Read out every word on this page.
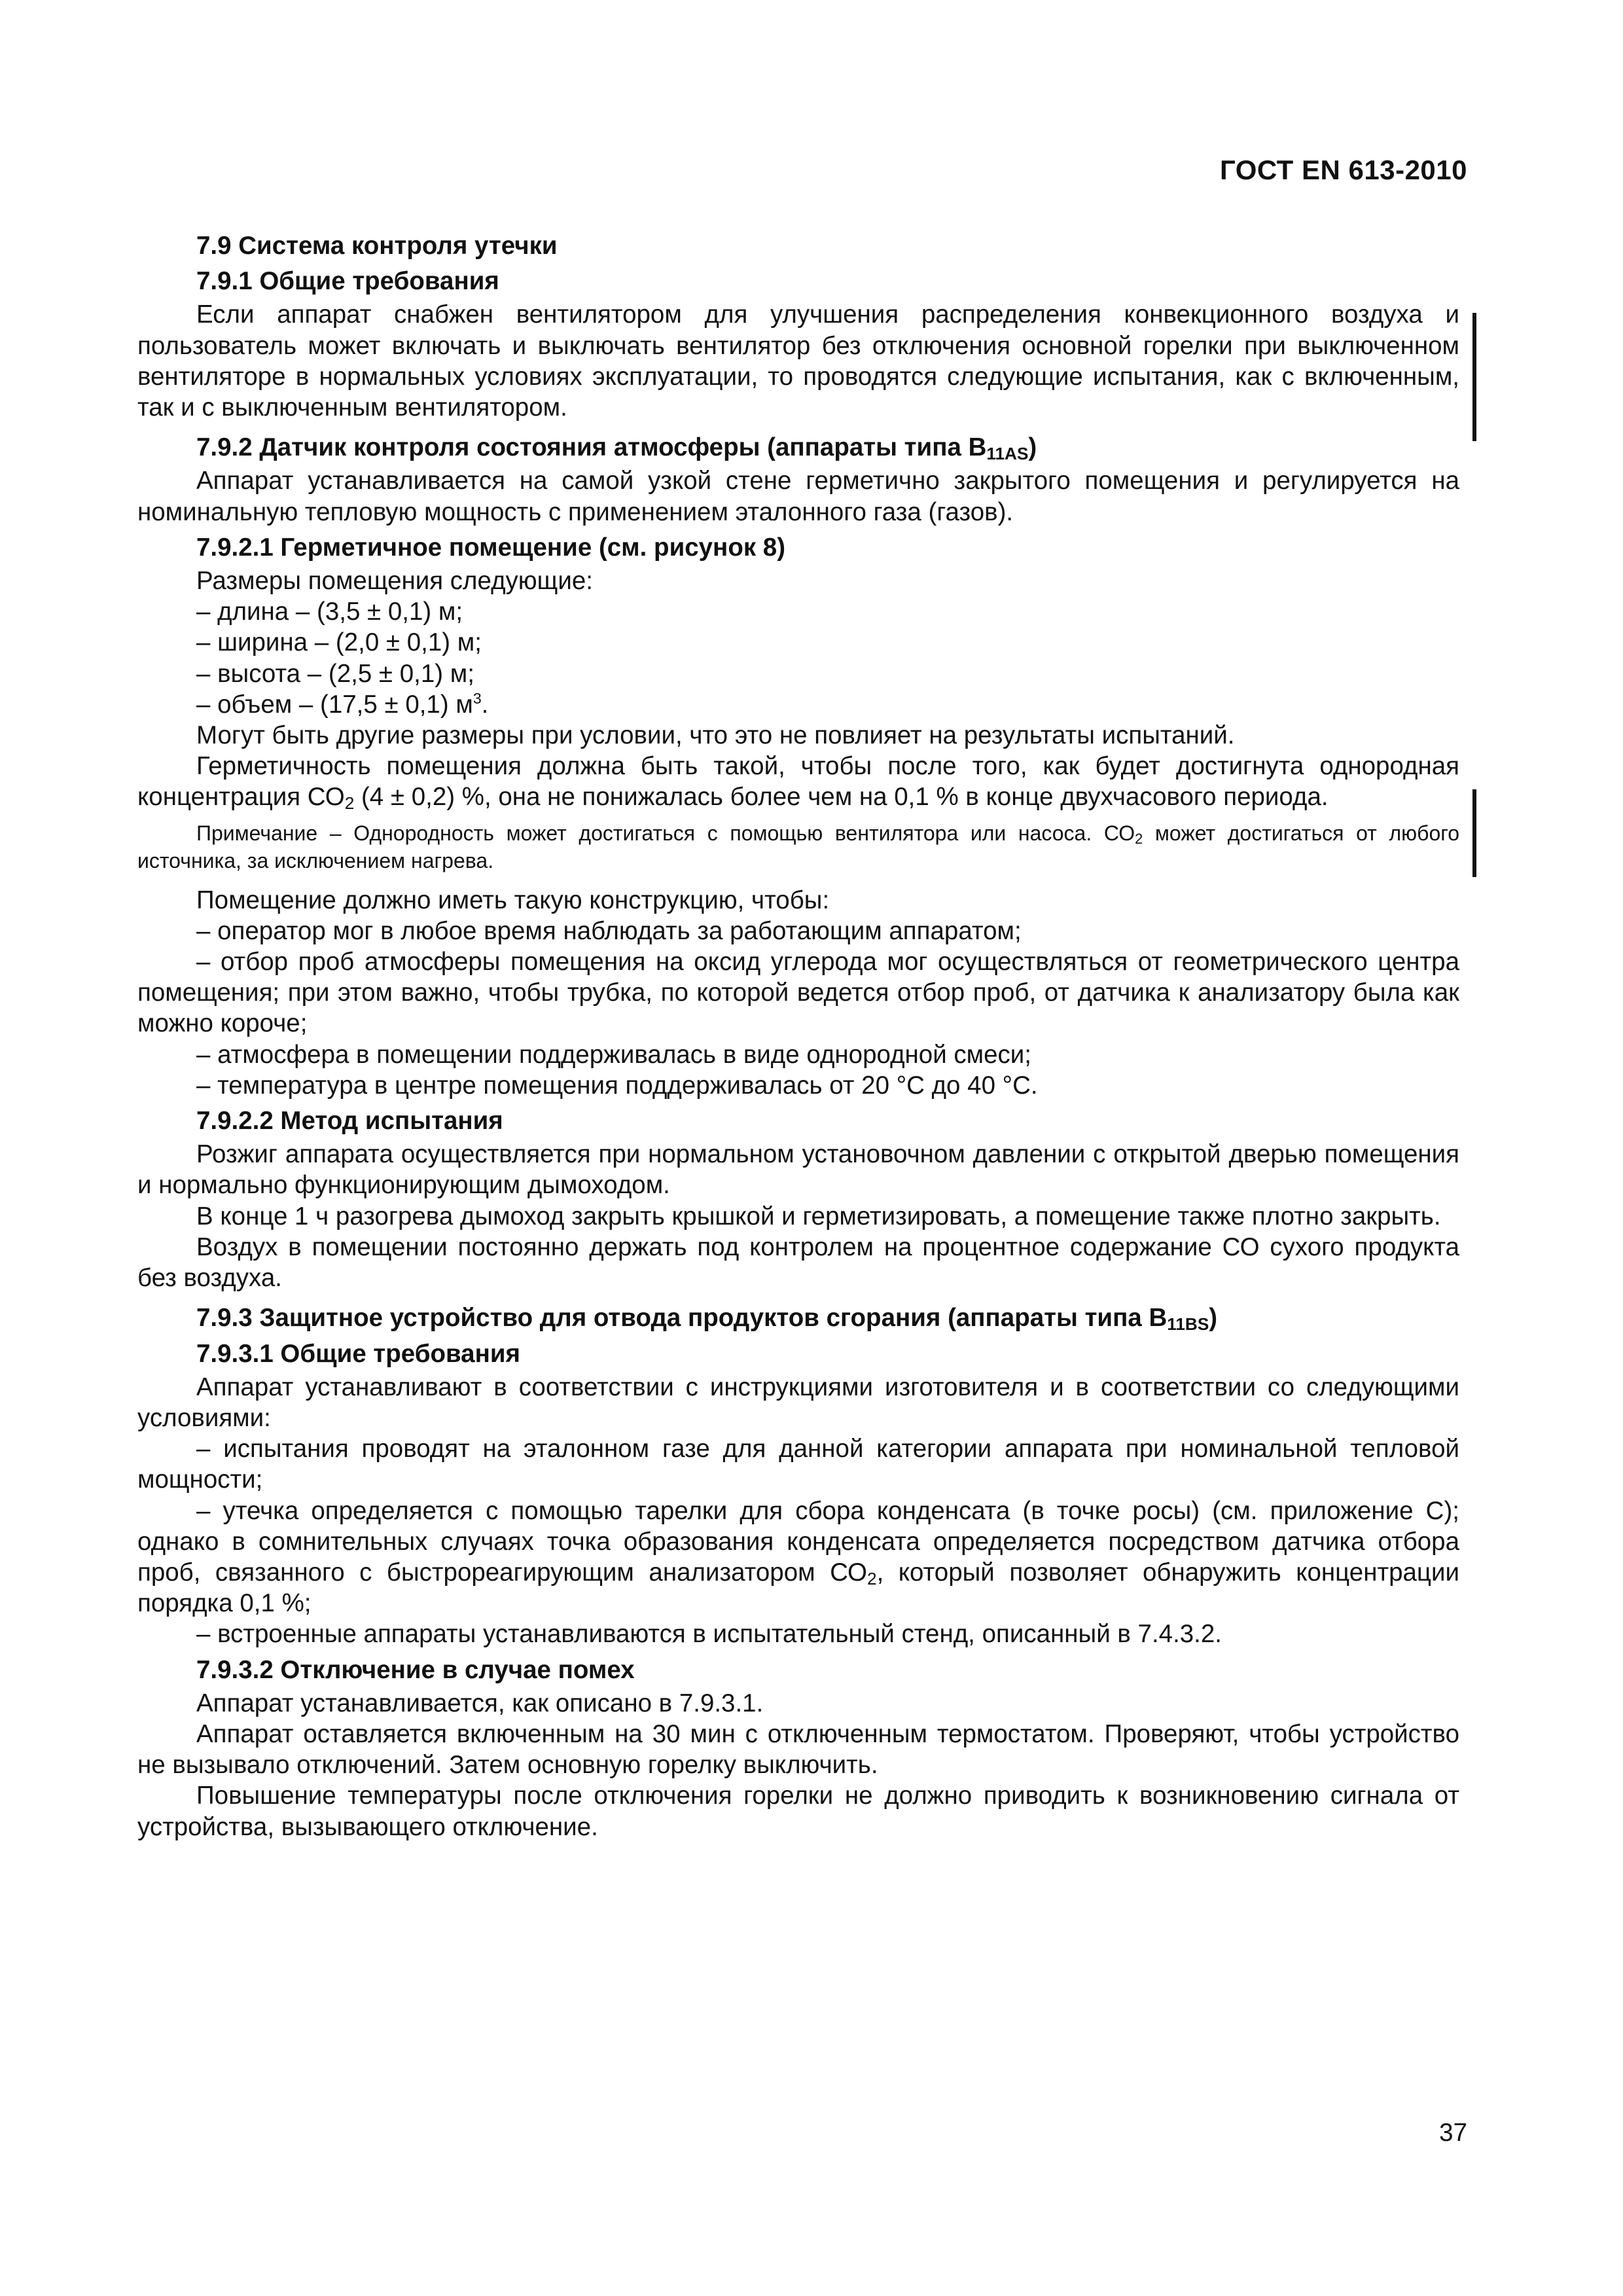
ГОСТ EN 613-2010

7.9 Система контроля утечки

7.9.1 Общие требования

Если аппарат снабжен вентилятором для улучшения распределения конвекционного воздуха и пользователь может включать и выключать вентилятор без отключения основной горелки при выключенном вентиляторе в нормальных условиях эксплуатации, то проводятся следующие испытания, как с включенным, так и с выключенным вентилятором.

7.9.2 Датчик контроля состояния атмосферы (аппараты типа $В_{11AS}$)

Аппарат устанавливается на самой узкой стене герметично закрытого помещения и регулируется на номинальную тепловую мощность с применением эталонного газа (газов).

7.9.2.1 Герметичное помещение (см. рисунок 8)

Размеры помещения следующие:

– длина – (3,5 ± 0,1) м;

– ширина – (2,0 ± 0,1) м;

– высота – (2,5 ± 0,1) м;

– объем – (17,5 ± 0,1) $м^3$.

Могут быть другие размеры при условии, что это не повлияет на результаты испытаний.

Герметичность помещения должна быть такой, чтобы после того, как будет достигнута однородная концентрация $СО_2$ (4 ± 0,2) %, она не понижалась более чем на 0,1 % в конце двухчасового периода.

Примечание – Однородность может достигаться с помощью вентилятора или насоса. $СО_2$ может достигаться от любого источника, за исключением нагрева.

Помещение должно иметь такую конструкцию, чтобы:

– оператор мог в любое время наблюдать за работающим аппаратом;

– отбор проб атмосферы помещения на оксид углерода мог осуществляться от геометрического центра помещения; при этом важно, чтобы трубка, по которой ведется отбор проб, от датчика к анализатору была как можно короче;

– атмосфера в помещении поддерживалась в виде однородной смеси;

– температура в центре помещения поддерживалась от 20 °С до 40 °С.

7.9.2.2 Метод испытания

Розжиг аппарата осуществляется при нормальном установочном давлении с открытой дверью помещения и нормально функционирующим дымоходом.

В конце 1 ч разогрева дымоход закрыть крышкой и герметизировать, а помещение также плотно закрыть.

Воздух в помещении постоянно держать под контролем на процентное содержание СО сухого продукта без воздуха.

7.9.3 Защитное устройство для отвода продуктов сгорания (аппараты типа $В_{11BS}$)

7.9.3.1 Общие требования

Аппарат устанавливают в соответствии с инструкциями изготовителя и в соответствии со следующими условиями:

– испытания проводят на эталонном газе для данной категории аппарата при номинальной тепловой мощности;

– утечка определяется с помощью тарелки для сбора конденсата (в точке росы) (см. приложение С); однако в сомнительных случаях точка образования конденсата определяется посредством датчика отбора проб, связанного с быстрореагирующим анализатором $СО_2$, который позволяет обнаружить концентрации порядка 0,1 %;

– встроенные аппараты устанавливаются в испытательный стенд, описанный в 7.4.3.2.

7.9.3.2 Отключение в случае помех

Аппарат устанавливается, как описано в 7.9.3.1.

Аппарат оставляется включенным на 30 мин с отключенным термостатом. Проверяют, чтобы устройство не вызывало отключений. Затем основную горелку выключить.

Повышение температуры после отключения горелки не должно приводить к возникновению сигнала от устройства, вызывающего отключение.

37
